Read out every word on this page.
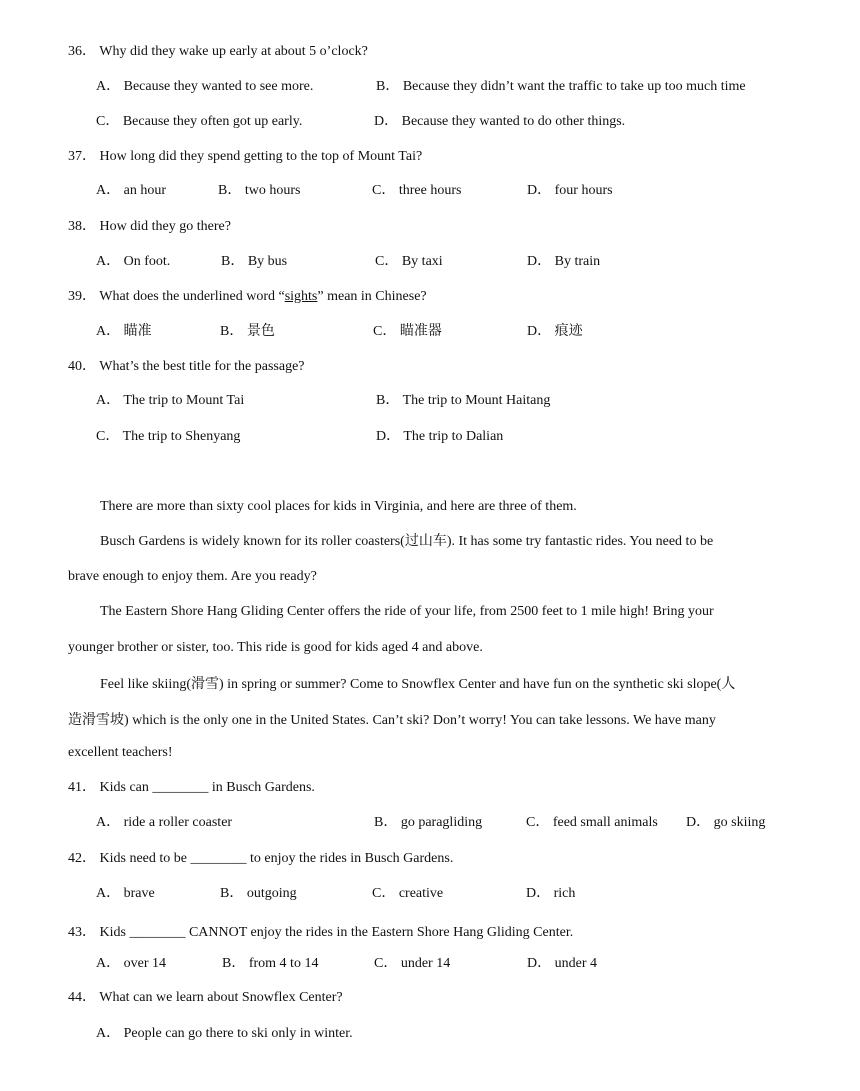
36． Why did they wake up early at about 5 o’clock?
A． Because they wanted to see more.	B． Because they didn’t want the traffic to take up too much time
C． Because they often got up early.	D． Because they wanted to do other things.
37． How long did they spend getting to the top of Mount Tai?
A． an hour	B． two hours	C． three hours	D． four hours
38． How did they go there?
A． On foot.	B． By bus	C． By taxi	D． By train
39． What does the underlined word “sights” mean in Chinese?
A． 瞄准	B． 景色	C． 瞄准器	D． 痕迹
40． What’s the best title for the passage?
A． The trip to Mount Tai	B． The trip to Mount Haitang
C． The trip to Shenyang	D． The trip to Dalian
There are more than sixty cool places for kids in Virginia, and here are three of them.
Busch Gardens is widely known for its roller coasters(过山车). It has some try fantastic rides. You need to be
brave enough to enjoy them. Are you ready?
The Eastern Shore Hang Gliding Center offers the ride of your life, from 2500 feet to 1 mile high! Bring your
younger brother or sister, too. This ride is good for kids aged 4 and above.
Feel like skiing(滑雪) in spring or summer? Come to Snowflex Center and have fun on the synthetic ski slope(人
造滑雪坡) which is the only one in the United States. Can’t ski? Don’t worry! You can take lessons. We have many
excellent teachers!
41． Kids can ________ in Busch Gardens.
A． ride a roller coaster	B． go paragliding	C． feed small animals D． go skiing
42． Kids need to be ________ to enjoy the rides in Busch Gardens.
A． brave	B． outgoing	C． creative	D． rich
43． Kids ________ CANNOT enjoy the rides in the Eastern Shore Hang Gliding Center.
A． over 14	B． from 4 to 14	C． under 14	D． under 4
44． What can we learn about Snowflex Center?
A． People can go there to ski only in winter.
